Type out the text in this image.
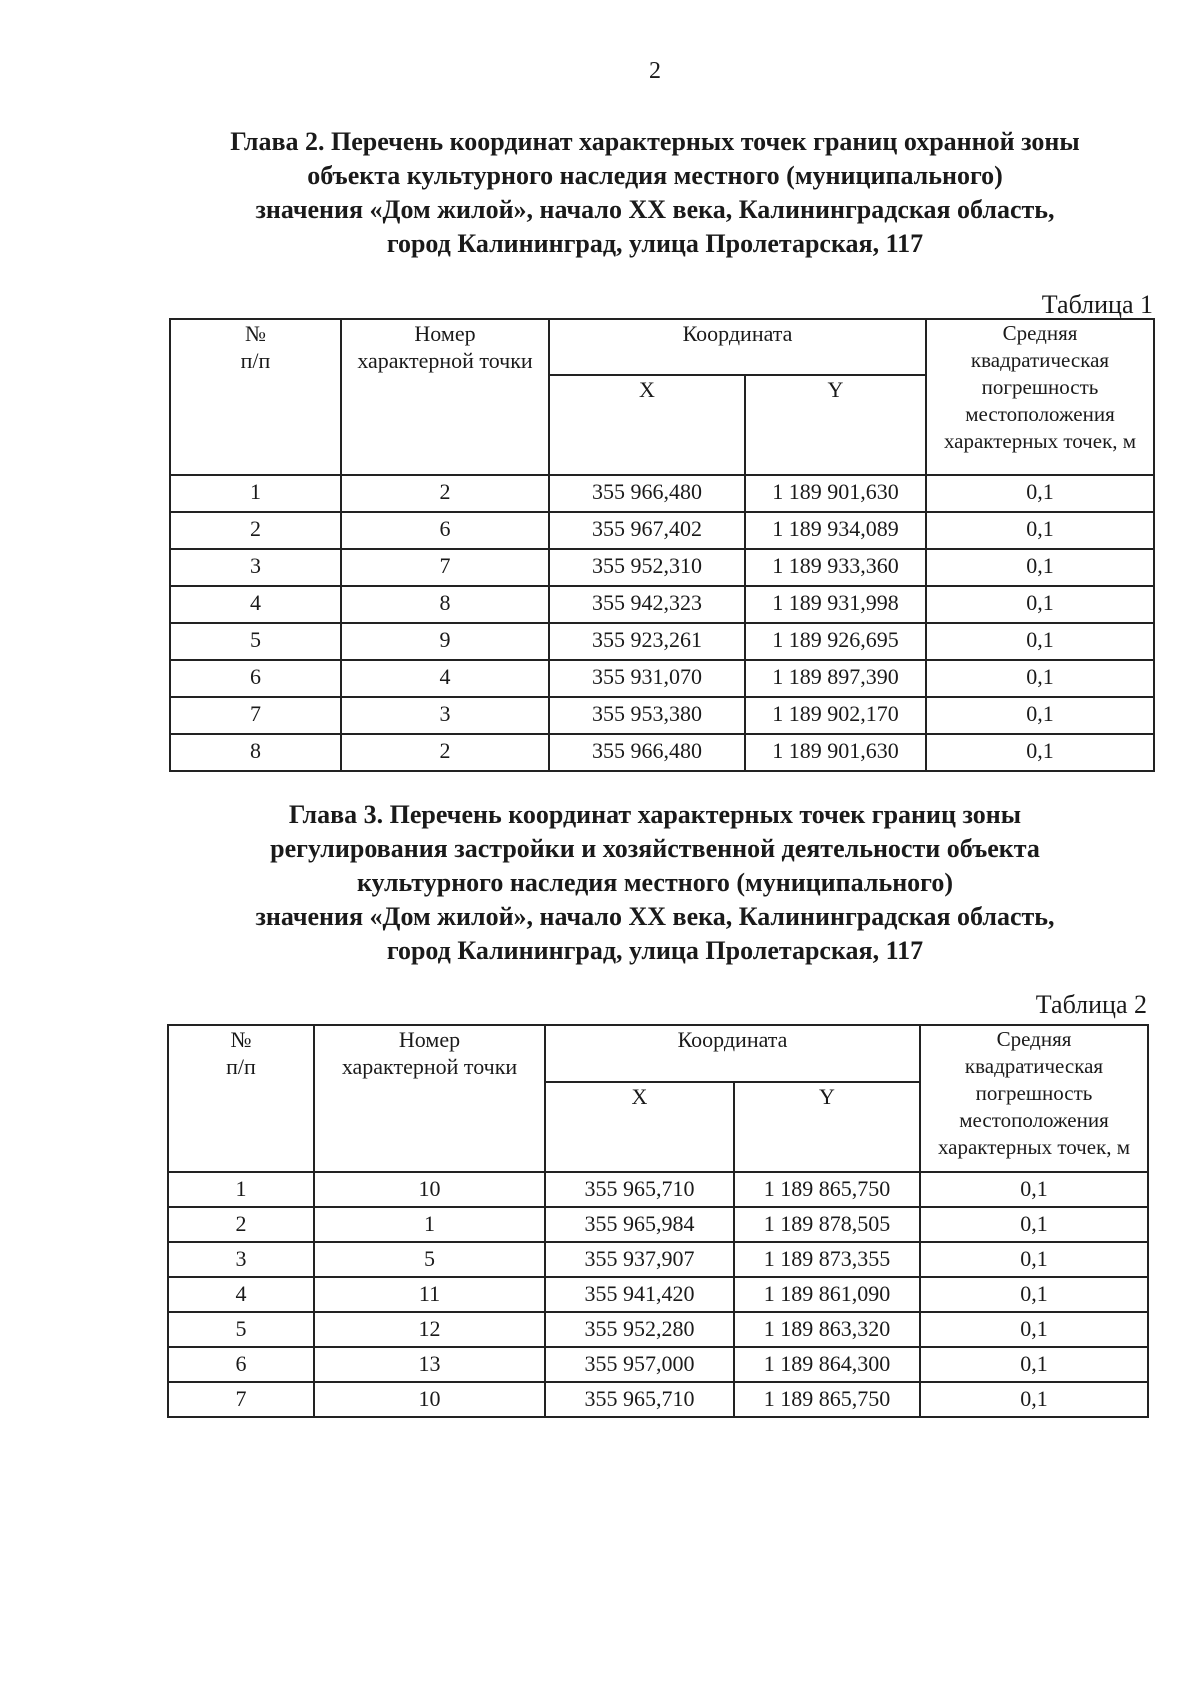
2
Глава 2. Перечень координат характерных точек границ охранной зоны
объекта культурного наследия местного (муниципального)
значения «Дом жилой», начало XX века, Калининградская область,
город Калининград, улица Пролетарская, 117
Таблица 1
№
п/п	Номер
характерной точки	Координата		Средняя
квадратическая
погрешность
местоположения
характерных точек, м

		X	Y	

1	2	355 966,480	1 189 901,630	0,1
2	6	355 967,402	1 189 934,089	0,1
3	7	355 952,310	1 189 933,360	0,1
4	8	355 942,323	1 189 931,998	0,1
5	9	355 923,261	1 189 926,695	0,1
6	4	355 931,070	1 189 897,390	0,1
7	3	355 953,380	1 189 902,170	0,1
8	2	355 966,480	1 189 901,630	0,1
Глава 3. Перечень координат характерных точек границ зоны
регулирования застройки и хозяйственной деятельности объекта
культурного наследия местного (муниципального)
значения «Дом жилой», начало XX века, Калининградская область,
город Калининград, улица Пролетарская, 117
Таблица 2
№
п/п	Номер
характерной точки	Координата		Средняя
квадратическая
погрешность
местоположения
характерных точек, м

		X	Y	

1	10	355 965,710	1 189 865,750	0,1
2	1	355 965,984	1 189 878,505	0,1
3	5	355 937,907	1 189 873,355	0,1
4	11	355 941,420	1 189 861,090	0,1
5	12	355 952,280	1 189 863,320	0,1
6	13	355 957,000	1 189 864,300	0,1
7	10	355 965,710	1 189 865,750	0,1
